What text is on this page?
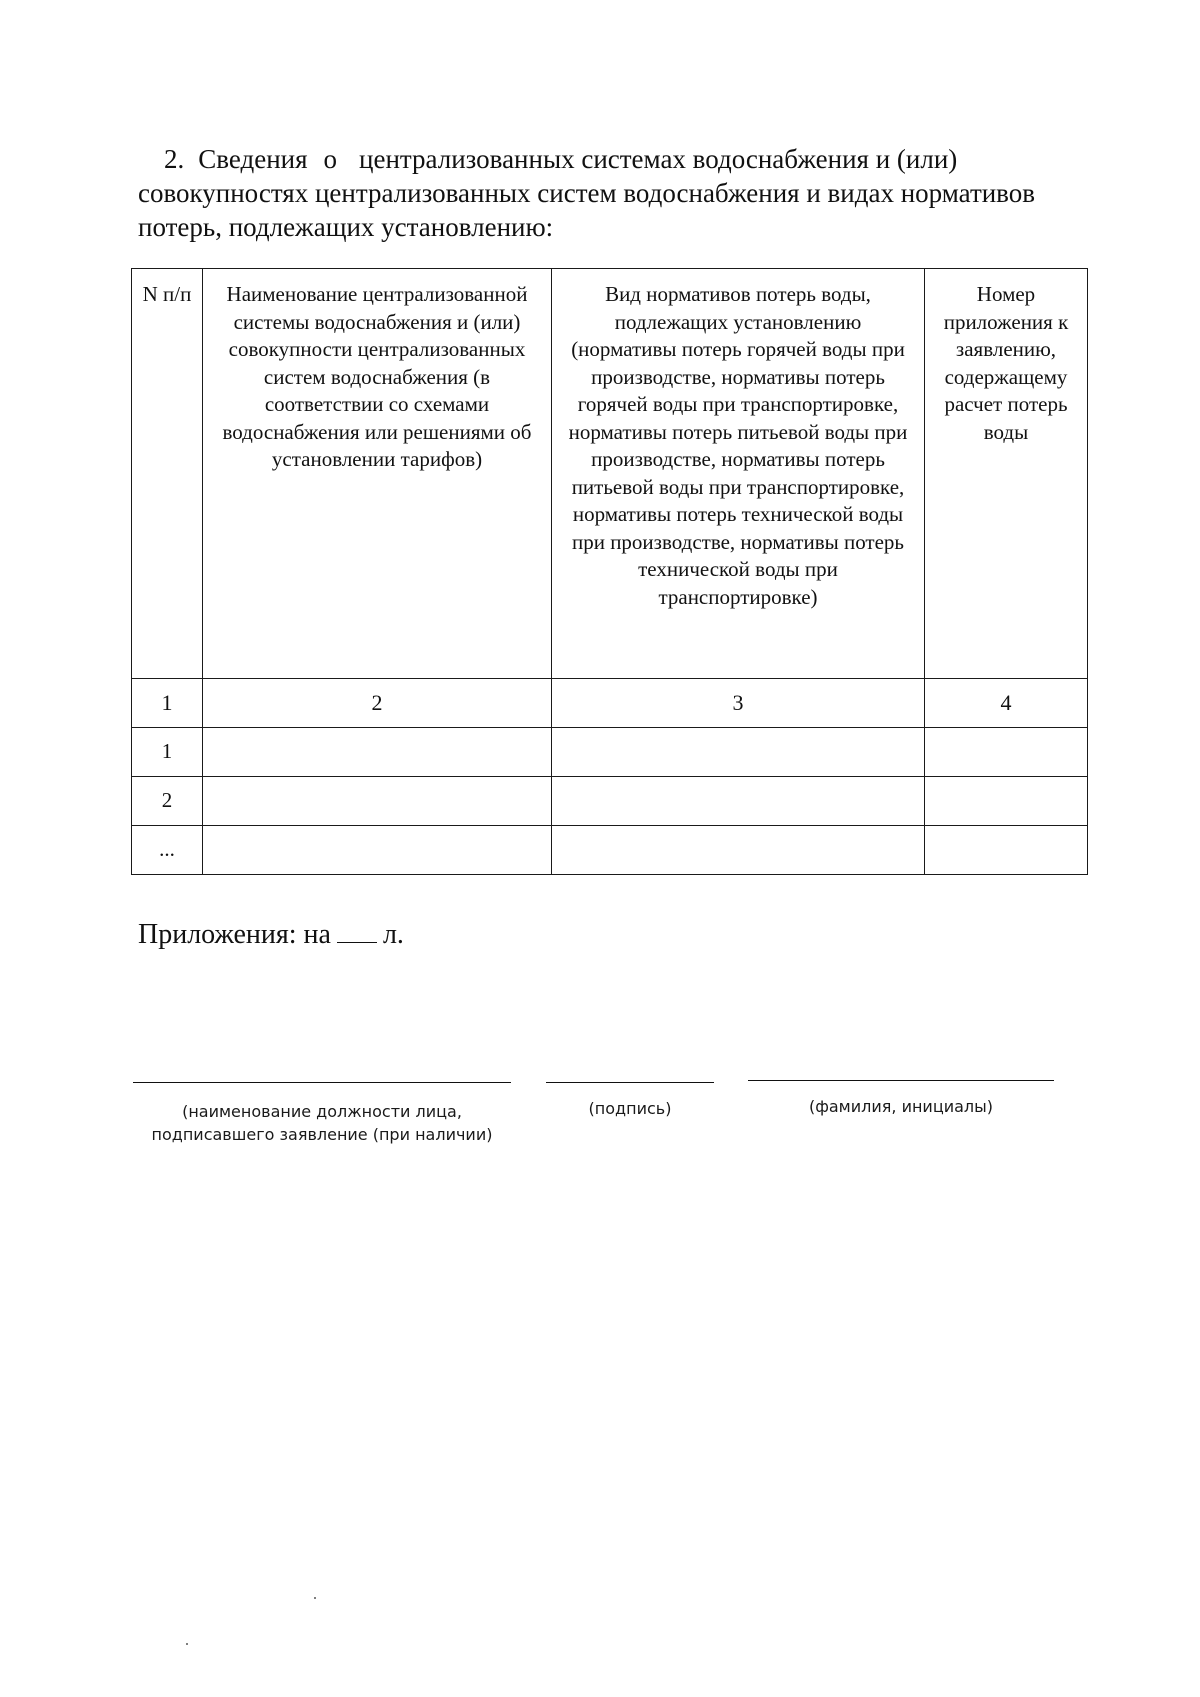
2. Сведения о централизованных системах водоснабжения и (или)
совокупностях централизованных систем водоснабжения и видах нормативов
потерь, подлежащих установлению:
N п/п	Наименование централизованной системы водоснабжения и (или) совокупности централизованных систем водоснабжения (в соответствии со схемами водоснабжения или решениями об установлении тарифов)	Вид нормативов потерь воды, подлежащих установлению (нормативы потерь горячей воды при производстве, нормативы потерь горячей воды при транспортировке, нормативы потерь питьевой воды при производстве, нормативы потерь питьевой воды при транспортировке, нормативы потерь технической воды при производстве, нормативы потерь технической воды при транспортировке)	Номер приложения к заявлению, содержащему расчет потерь воды

1	2	3	4
1			
2			
...			
Приложения: на л.
(наименование должности лица,
подписавшего заявление (при наличии)
(подпись)	(фамилия, инициалы)
